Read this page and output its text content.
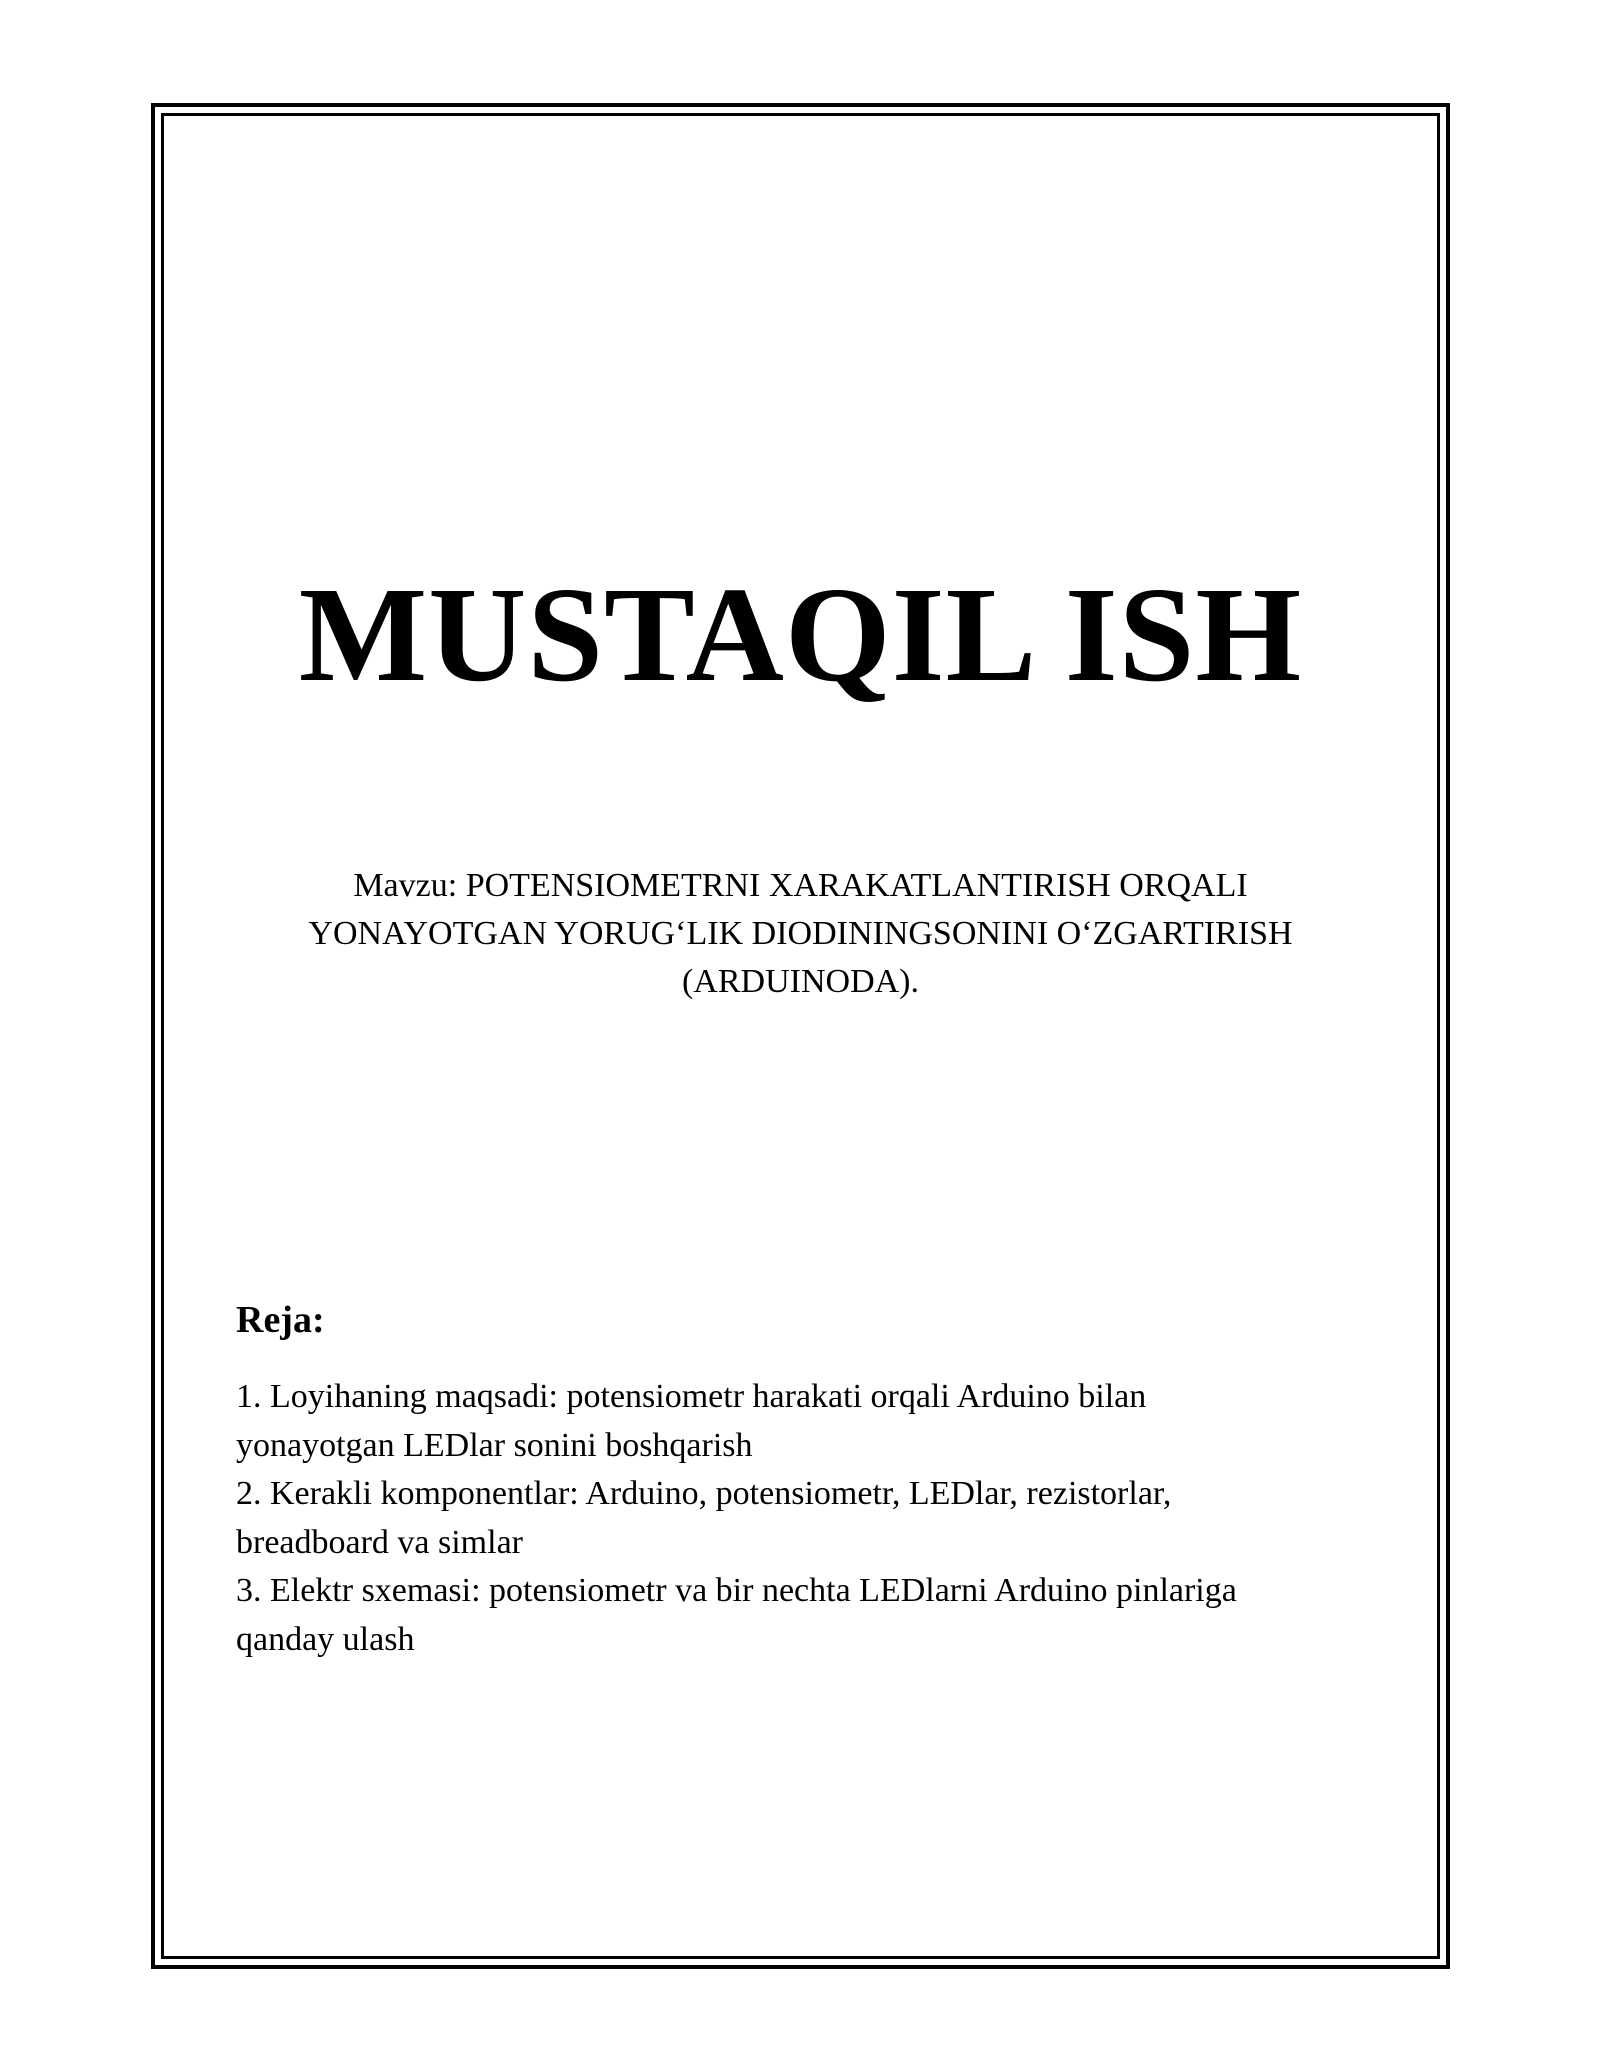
MUSTAQIL ISH
Mavzu: POTENSIOMETRNI XARAKATLANTIRISH ORQALI
YONAYOTGAN YORUG‘LIK DIODININGSONINI O‘ZGARTIRISH
(ARDUINODA).
Reja:
1. Loyihaning maqsadi: potensiometr harakati orqali Arduino bilan
yonayotgan LEDlar sonini boshqarish
2. Kerakli komponentlar: Arduino, potensiometr, LEDlar, rezistorlar,
breadboard va simlar
3. Elektr sxemasi: potensiometr va bir nechta LEDlarni Arduino pinlariga
qanday ulash
